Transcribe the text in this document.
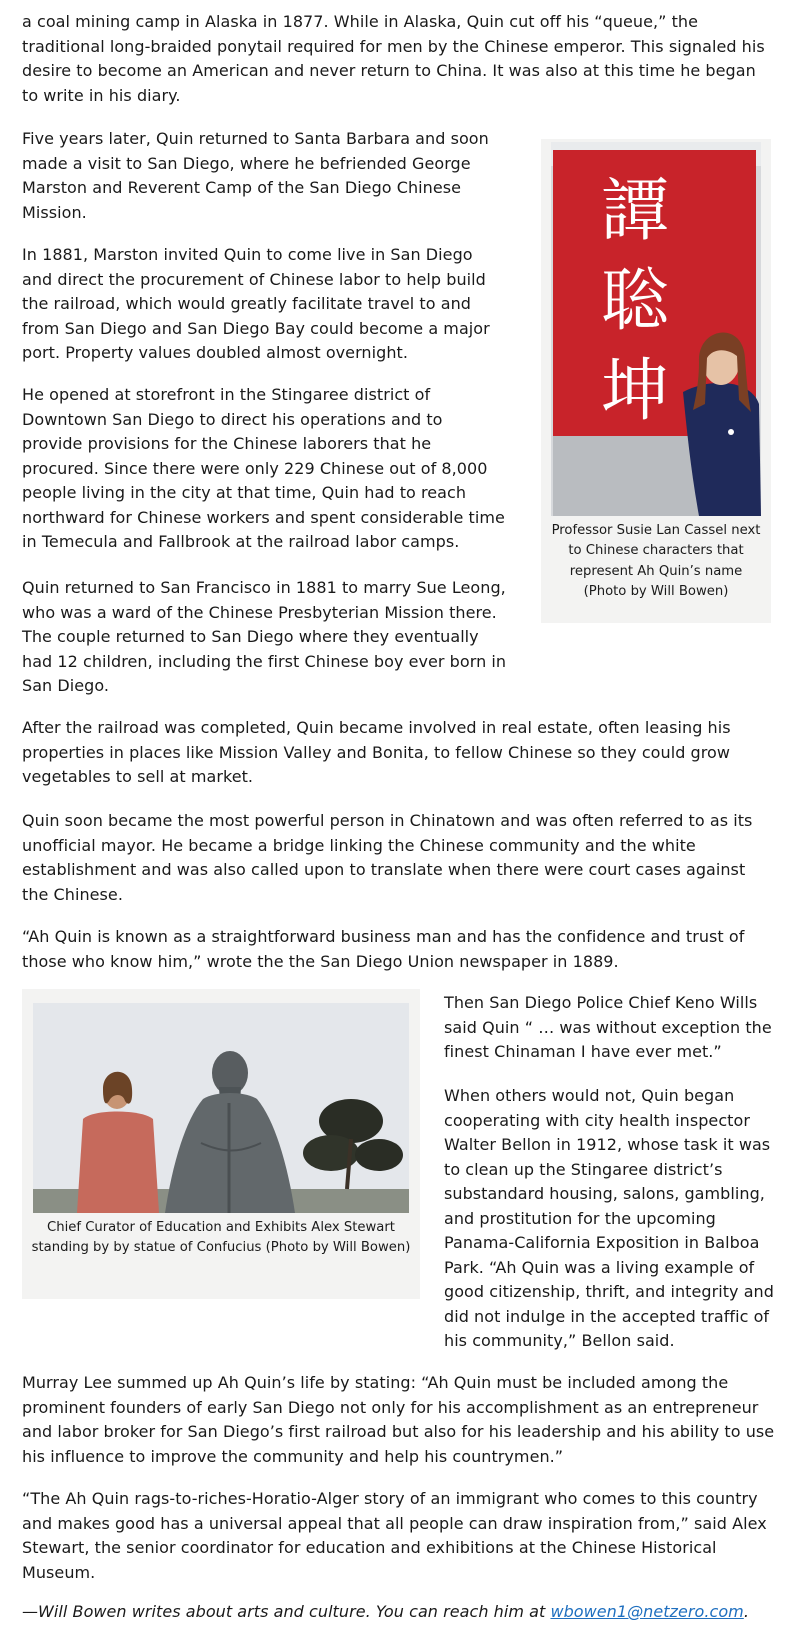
a coal mining camp in Alaska in 1877. While in Alaska, Quin cut off his “queue,” the traditional long-braided ponytail required for men by the Chinese emperor. This signaled his desire to become an American and never return to China. It was also at this time he began to write in his diary.

Five years later, Quin returned to Santa Barbara and soon made a visit to San Diego, where he befriended George Marston and Reverent Camp of the San Diego Chinese Mission.

In 1881, Marston invited Quin to come live in San Diego and direct the procurement of Chinese labor to help build the railroad, which would greatly facilitate travel to and from San Diego and San Diego Bay could become a major port. Property values doubled almost overnight.

He opened at storefront in the Stingaree district of Downtown San Diego to direct his operations and to provide provisions for the Chinese laborers that he procured. Since there were only 229 Chinese out of 8,000 people living in the city at that time, Quin had to reach northward for Chinese workers and spent considerable time in Temecula and Fallbrook at the railroad labor camps.

Quin returned to San Francisco in 1881 to marry Sue Leong, who was a ward of the Chinese Presbyterian Mission there. The couple returned to San Diego where they eventually had 12 children, including the first Chinese boy ever born in San Diego.

After the railroad was completed, Quin became involved in real estate, often leasing his properties in places like Mission Valley and Bonita, to fellow Chinese so they could grow vegetables to sell at market.

Quin soon became the most powerful person in Chinatown and was often referred to as its unofficial mayor. He became a bridge linking the Chinese community and the white establishment and was also called upon to translate when there were court cases against the Chinese.

“Ah Quin is known as a straightforward business man and has the confidence and trust of those who know him,” wrote the the San Diego Union newspaper in 1889.

Then San Diego Police Chief Keno Wills said Quin “ … was without exception the finest Chinaman I have ever met.”

When others would not, Quin began cooperating with city health inspector Walter Bellon in 1912, whose task it was to clean up the Stingaree district’s substandard housing, salons, gambling, and prostitution for the upcoming Panama-California Exposition in Balboa Park. “Ah Quin was a living example of good citizenship, thrift, and integrity and did not indulge in the accepted traffic of his community,” Bellon said.

Murray Lee summed up Ah Quin’s life by stating: “Ah Quin must be included among the prominent founders of early San Diego not only for his accomplishment as an entrepreneur and labor broker for San Diego’s first railroad but also for his leadership and his ability to use his influence to improve the community and help his countrymen.”

“The Ah Quin rags-to-riches-Horatio-Alger story of an immigrant who comes to this country and makes good has a universal appeal that all people can draw inspiration from,” said Alex Stewart, the senior coordinator for education and exhibitions at the Chinese Historical Museum.

—Will Bowen writes about arts and culture. You can reach him at wbowen1@netzero.com.

譚
聡
坤

Professor Susie Lan Cassel next to Chinese characters that represent Ah Quin’s name (Photo by Will Bowen)

Chief Curator of Education and Exhibits Alex Stewart standing by by statue of Confucius (Photo by Will Bowen)
